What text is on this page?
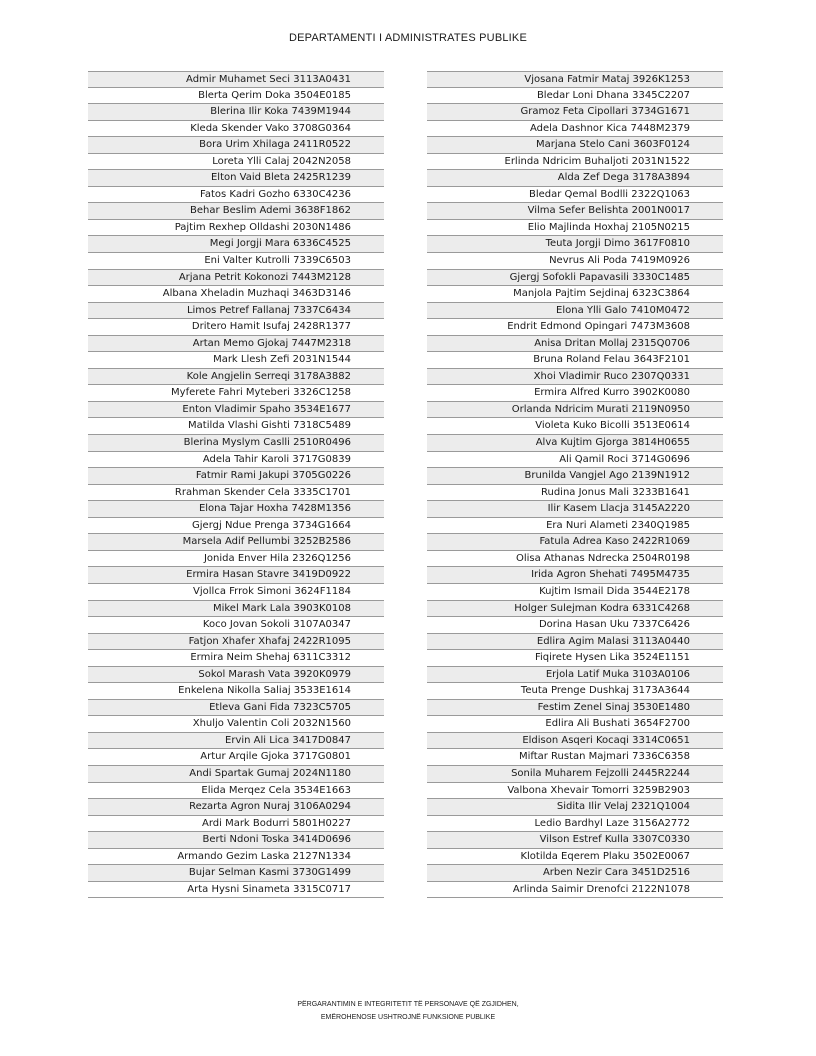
DEPARTAMENTI I ADMINISTRATES PUBLIKE
Admir Muhamet Seci 3113A0431
Blerta Qerim Doka 3504E0185
Blerina Ilir Koka 7439M1944
Kleda Skender Vako 3708G0364
Bora Urim Xhilaga 2411R0522
Loreta Ylli Calaj 2042N2058
Elton Vaid Bleta 2425R1239
Fatos Kadri Gozho 6330C4236
Behar Beslim Ademi 3638F1862
Pajtim Rexhep Olldashi 2030N1486
Megi Jorgji Mara 6336C4525
Eni Valter Kutrolli 7339C6503
Arjana Petrit Kokonozi 7443M2128
Albana Xheladin Muzhaqi 3463D3146
Limos Petref Fallanaj 7337C6434
Dritero Hamit Isufaj 2428R1377
Artan Memo Gjokaj 7447M2318
Mark Llesh Zefi 2031N1544
Kole Angjelin Serreqi 3178A3882
Myferete Fahri Myteberi 3326C1258
Enton Vladimir Spaho 3534E1677
Matilda Vlashi Gishti 7318C5489
Blerina Myslym Caslli 2510R0496
Adela Tahir Karoli 3717G0839
Fatmir Rami Jakupi 3705G0226
Rrahman Skender Cela 3335C1701
Elona Tajar Hoxha 7428M1356
Gjergj Ndue Prenga 3734G1664
Marsela Adif Pellumbi 3252B2586
Jonida Enver Hila 2326Q1256
Ermira Hasan Stavre 3419D0922
Vjollca Frrok Simoni 3624F1184
Mikel Mark Lala 3903K0108
Koco Jovan Sokoli 3107A0347
Fatjon Xhafer Xhafaj 2422R1095
Ermira Neim Shehaj 6311C3312
Sokol Marash Vata 3920K0979
Enkelena Nikolla Saliaj 3533E1614
Etleva Gani Fida 7323C5705
Xhuljo Valentin Coli 2032N1560
Ervin Ali Lica 3417D0847
Artur Arqile Gjoka 3717G0801
Andi Spartak Gumaj 2024N1180
Elida Merqez Cela 3534E1663
Rezarta Agron Nuraj 3106A0294
Ardi Mark Bodurri 5801H0227
Berti Ndoni Toska 3414D0696
Armando Gezim Laska 2127N1334
Bujar Selman Kasmi 3730G1499
Arta Hysni Sinameta 3315C0717
Vjosana Fatmir Mataj 3926K1253
Bledar Loni Dhana 3345C2207
Gramoz Feta Cipollari 3734G1671
Adela Dashnor Kica 7448M2379
Marjana Stelo Cani 3603F0124
Erlinda Ndricim Buhaljoti 2031N1522
Alda Zef Dega 3178A3894
Bledar Qemal Bodlli 2322Q1063
Vilma Sefer Belishta 2001N0017
Elio Majlinda Hoxhaj 2105N0215
Teuta Jorgji Dimo 3617F0810
Nevrus Ali Poda 7419M0926
Gjergj Sofokli Papavasili 3330C1485
Manjola Pajtim Sejdinaj 6323C3864
Elona Ylli Galo 7410M0472
Endrit Edmond Opingari 7473M3608
Anisa Dritan Mollaj 2315Q0706
Bruna Roland Felau 3643F2101
Xhoi Vladimir Ruco 2307Q0331
Ermira Alfred Kurro 3902K0080
Orlanda Ndricim Murati 2119N0950
Violeta Kuko Bicolli 3513E0614
Alva Kujtim Gjorga 3814H0655
Ali Qamil Roci 3714G0696
Brunilda Vangjel Ago 2139N1912
Rudina Jonus Mali 3233B1641
Ilir Kasem Llacja 3145A2220
Era Nuri Alameti 2340Q1985
Fatula Adrea Kaso 2422R1069
Olisa Athanas Ndrecka 2504R0198
Irida Agron Shehati 7495M4735
Kujtim Ismail Dida 3544E2178
Holger Sulejman Kodra 6331C4268
Dorina Hasan Uku 7337C6426
Edlira Agim Malasi 3113A0440
Fiqirete Hysen Lika 3524E1151
Erjola Latif Muka 3103A0106
Teuta Prenge Dushkaj 3173A3644
Festim Zenel Sinaj 3530E1480
Edlira Ali Bushati 3654F2700
Eldison Asqeri Kocaqi 3314C0651
Miftar Rustan Majmari 7336C6358
Sonila Muharem Fejzolli 2445R2244
Valbona Xhevair Tomorri 3259B2903
Sidita Ilir Velaj 2321Q1004
Ledio Bardhyl Laze 3156A2772
Vilson Estref Kulla 3307C0330
Klotilda Eqerem Plaku 3502E0067
Arben Nezir Cara 3451D2516
Arlinda Saimir Drenofci 2122N1078
PËRGARANTIMIN E INTEGRITETIT TË PERSONAVE QË ZGJIDHEN,
EMËROHENOSE USHTROJNË FUNKSIONE PUBLIKE
